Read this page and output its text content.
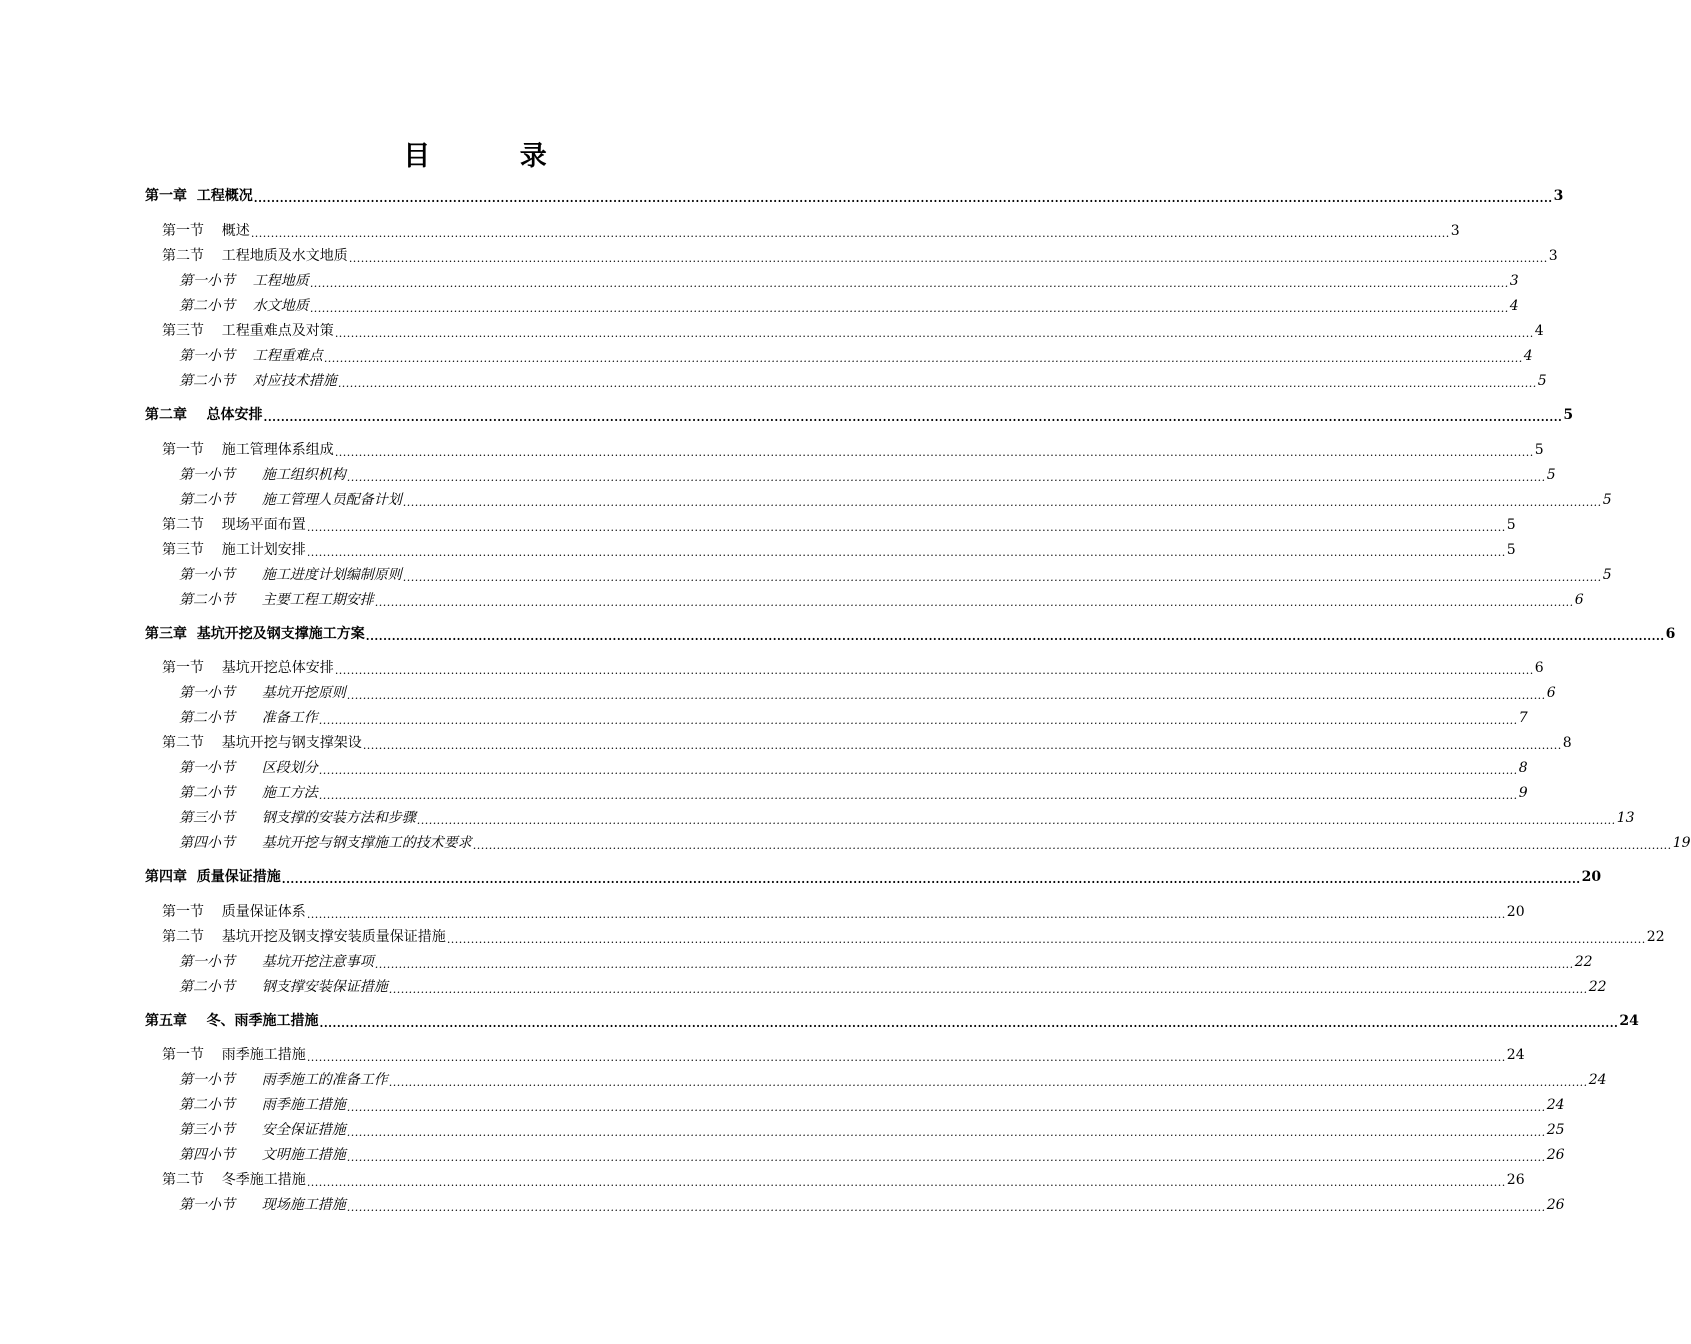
目 录
第一章  工程概况 ............................................................................................................................................................................................................................................................................................................ 3
第一节    概述 ............................................................................................................................................................................................................................................................................................................ 3
第二节    工程地质及水文地质 ............................................................................................................................................................................................................................................................................................................ 3
第一小节    工程地质 ............................................................................................................................................................................................................................................................................................................ 3
第二小节    水文地质 ............................................................................................................................................................................................................................................................................................................ 4
第三节    工程重难点及对策 ............................................................................................................................................................................................................................................................................................................ 4
第一小节    工程重难点 ............................................................................................................................................................................................................................................................................................................ 4
第二小节    对应技术措施 ............................................................................................................................................................................................................................................................................................................ 5
第二章    总体安排 ............................................................................................................................................................................................................................................................................................................ 5
第一节    施工管理体系组成 ............................................................................................................................................................................................................................................................................................................ 5
第一小节      施工组织机构 ............................................................................................................................................................................................................................................................................................................ 5
第二小节      施工管理人员配备计划 ............................................................................................................................................................................................................................................................................................................ 5
第二节    现场平面布置 ............................................................................................................................................................................................................................................................................................................ 5
第三节    施工计划安排 ............................................................................................................................................................................................................................................................................................................ 5
第一小节      施工进度计划编制原则 ............................................................................................................................................................................................................................................................................................................ 5
第二小节      主要工程工期安排 ............................................................................................................................................................................................................................................................................................................ 6
第三章  基坑开挖及钢支撑施工方案 ............................................................................................................................................................................................................................................................................................................ 6
第一节    基坑开挖总体安排 ............................................................................................................................................................................................................................................................................................................ 6
第一小节      基坑开挖原则 ............................................................................................................................................................................................................................................................................................................ 6
第二小节      准备工作 ............................................................................................................................................................................................................................................................................................................ 7
第二节    基坑开挖与钢支撑架设 ............................................................................................................................................................................................................................................................................................................ 8
第一小节      区段划分 ............................................................................................................................................................................................................................................................................................................ 8
第二小节      施工方法 ............................................................................................................................................................................................................................................................................................................ 9
第三小节      钢支撑的安装方法和步骤 ............................................................................................................................................................................................................................................................................................................ 13
第四小节      基坑开挖与钢支撑施工的技术要求 ............................................................................................................................................................................................................................................................................................................ 19
第四章  质量保证措施 ............................................................................................................................................................................................................................................................................................................ 20
第一节    质量保证体系 ............................................................................................................................................................................................................................................................................................................ 20
第二节    基坑开挖及钢支撑安装质量保证措施 ............................................................................................................................................................................................................................................................................................................ 22
第一小节      基坑开挖注意事项 ............................................................................................................................................................................................................................................................................................................ 22
第二小节      钢支撑安装保证措施 ............................................................................................................................................................................................................................................................................................................ 22
第五章    冬、雨季施工措施 ............................................................................................................................................................................................................................................................................................................ 24
第一节    雨季施工措施 ............................................................................................................................................................................................................................................................................................................ 24
第一小节      雨季施工的准备工作 ............................................................................................................................................................................................................................................................................................................ 24
第二小节      雨季施工措施 ............................................................................................................................................................................................................................................................................................................ 24
第三小节      安全保证措施 ............................................................................................................................................................................................................................................................................................................ 25
第四小节      文明施工措施 ............................................................................................................................................................................................................................................................................................................ 26
第二节    冬季施工措施 ............................................................................................................................................................................................................................................................................................................ 26
第一小节      现场施工措施 ............................................................................................................................................................................................................................................................................................................ 26
